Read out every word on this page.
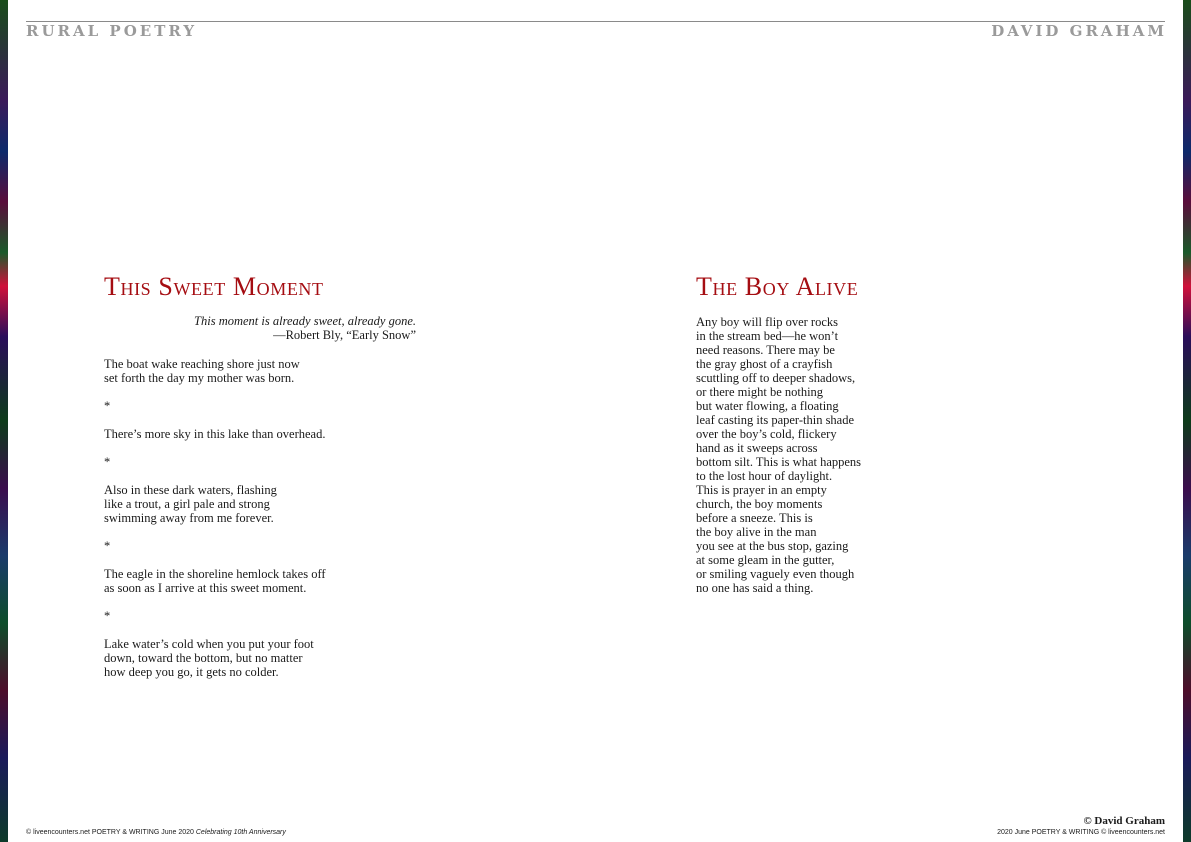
RURAL POETRY	DAVID GRAHAM
This Sweet Moment
This moment is already sweet, already gone.
—Robert Bly, “Early Snow”
The boat wake reaching shore just now
set forth the day my mother was born.
*
There’s more sky in this lake than overhead.
*
Also in these dark waters, flashing
like a trout, a girl pale and strong
swimming away from me forever.
*
The eagle in the shoreline hemlock takes off
as soon as I arrive at this sweet moment.
*
Lake water’s cold when you put your foot
down, toward the bottom, but no matter
how deep you go, it gets no colder.
The Boy Alive
Any boy will flip over rocks
in the stream bed—he won’t
need reasons. There may be
the gray ghost of a crayfish
scuttling off to deeper shadows,
or there might be nothing
but water flowing, a floating
leaf casting its paper-thin shade
over the boy’s cold, flickery
hand as it sweeps across
bottom silt. This is what happens
to the lost hour of daylight.
This is prayer in an empty
church, the boy moments
before a sneeze. This is
the boy alive in the man
you see at the bus stop, gazing
at some gleam in the gutter,
or smiling vaguely even though
no one has said a thing.
© David Graham
© liveencounters.net POETRY & WRITING June 2020 Celebrating 10th Anniversary	2020 June POETRY & WRITING © liveencounters.net
